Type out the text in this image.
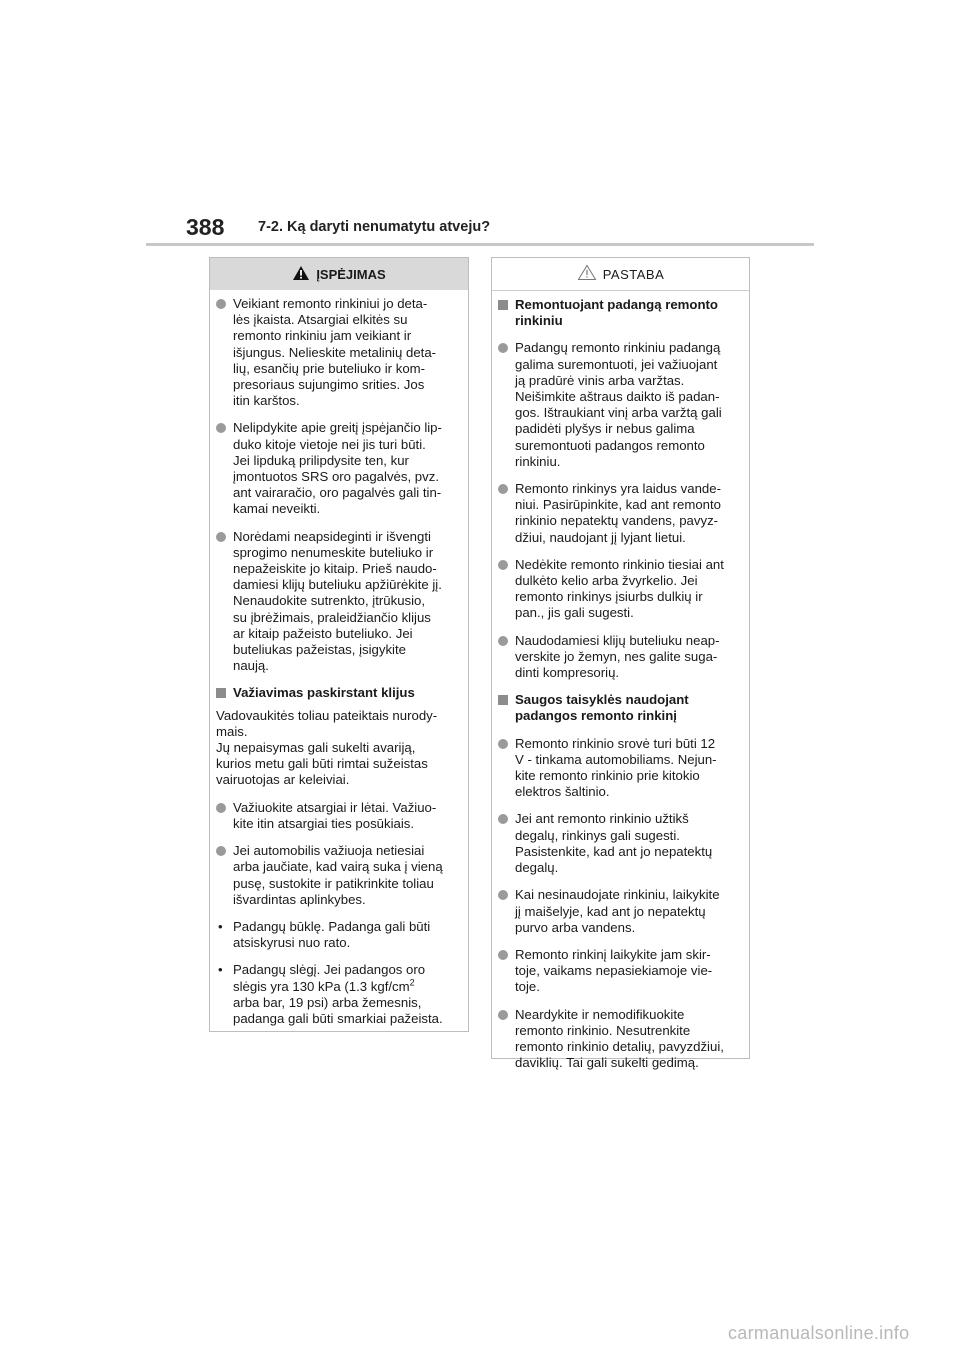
388 7-2. Ką daryti nenumatytu atveju?
ĮSPĖJIMAS
Veikiant remonto rinkiniui jo deta-
lės įkaista. Atsargiai elkitės su
remonto rinkiniu jam veikiant ir
išjungus. Nelieskite metalinių deta-
lių, esančių prie buteliuko ir kom-
presoriaus sujungimo srities. Jos
itin karštos.
Nelipdykite apie greitį įspėjančio lip-
duko kitoje vietoje nei jis turi būti.
Jei lipduką prilipdysite ten, kur
įmontuotos SRS oro pagalvės, pvz.
ant vairaračio, oro pagalvės gali tin-
kamai neveikti.
Norėdami neapsideginti ir išvengti
sprogimo nenumeskite buteliuko ir
nepažeiskite jo kitaip. Prieš naudo-
damiesi klijų buteliuku apžiūrėkite jį.
Nenaudokite sutrenkto, įtrūkusio,
su įbrėžimais, praleidžiančio klijus
ar kitaip pažeisto buteliuko. Jei
buteliukas pažeistas, įsigykite
naują.
Važiavimas paskirstant klijus
Vadovaukitės toliau pateiktais nurody-
mais.
Jų nepaisymas gali sukelti avariją,
kurios metu gali būti rimtai sužeistas
vairuotojas ar keleiviai.
Važiuokite atsargiai ir lėtai. Važiuo-
kite itin atsargiai ties posūkiais.
Jei automobilis važiuoja netiesiai
arba jaučiate, kad vairą suka į vieną
pusę, sustokite ir patikrinkite toliau
išvardintas aplinkybes.
• Padangų būklę. Padanga gali būti
atsiskyrusi nuo rato.
• Padangų slėgį. Jei padangos oro
slėgis yra 130 kPa (1.3 kgf/$cm^2$
arba bar, 19 psi) arba žemesnis,
padanga gali būti smarkiai pažeista.
PASTABA
Remontuojant padangą remonto
rinkiniu
Padangų remonto rinkiniu padangą
galima suremontuoti, jei važiuojant
ją pradūrė vinis arba varžtas.
Neišimkite aštraus daikto iš padan-
gos. Ištraukiant vinį arba varžtą gali
padidėti plyšys ir nebus galima
suremontuoti padangos remonto
rinkiniu.
Remonto rinkinys yra laidus vande-
niui. Pasirūpinkite, kad ant remonto
rinkinio nepatektų vandens, pavyz-
džiui, naudojant jį lyjant lietui.
Nedėkite remonto rinkinio tiesiai ant
dulkėto kelio arba žvyrkelio. Jei
remonto rinkinys įsiurbs dulkių ir
pan., jis gali sugesti.
Naudodamiesi klijų buteliuku neap-
verskite jo žemyn, nes galite suga-
dinti kompresorių.
Saugos taisyklės naudojant
padangos remonto rinkinį
Remonto rinkinio srovė turi būti 12
V - tinkama automobiliams. Nejun-
kite remonto rinkinio prie kitokio
elektros šaltinio.
Jei ant remonto rinkinio užtikš
degalų, rinkinys gali sugesti.
Pasistenkite, kad ant jo nepatektų
degalų.
Kai nesinaudojate rinkiniu, laikykite
jį maišelyje, kad ant jo nepatektų
purvo arba vandens.
Remonto rinkinį laikykite jam skir-
toje, vaikams nepasiekiamoje vie-
toje.
Neardykite ir nemodifikuokite
remonto rinkinio. Nesutrenkite
remonto rinkinio detalių, pavyzdžiui,
daviklių. Tai gali sukelti gedimą.
carmanualsonline.info
